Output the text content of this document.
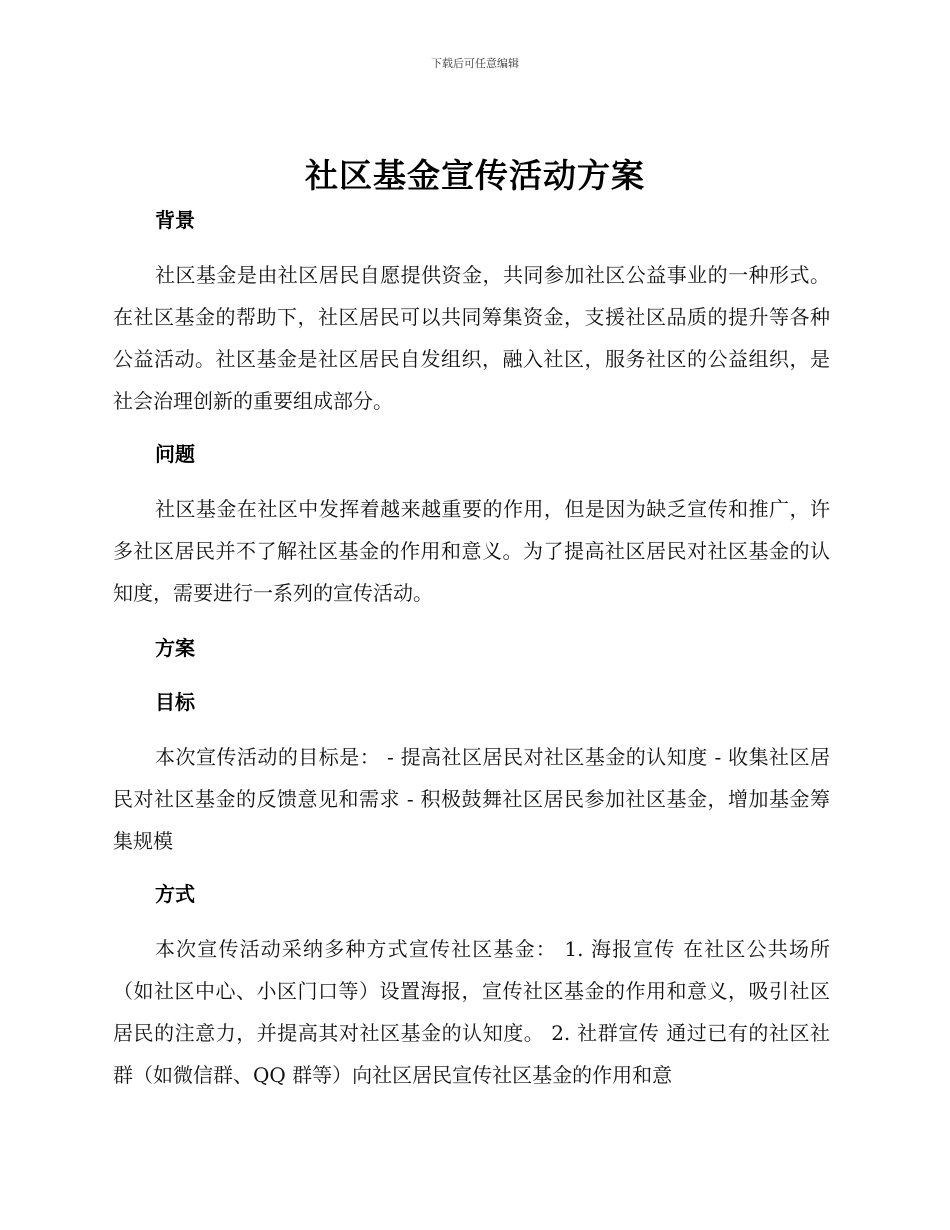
下载后可任意编辑
社区基金宣传活动方案

背景

社区基金是由社区居民自愿提供资金，共同参加社区公益事业的一种形式。在社区基金的帮助下，社区居民可以共同筹集资金，支援社区品质的提升等各种公益活动。社区基金是社区居民自发组织，融入社区，服务社区的公益组织，是社会治理创新的重要组成部分。

问题

社区基金在社区中发挥着越来越重要的作用，但是因为缺乏宣传和推广，许多社区居民并不了解社区基金的作用和意义。为了提高社区居民对社区基金的认知度，需要进行一系列的宣传活动。

方案

目标

本次宣传活动的目标是： - 提高社区居民对社区基金的认知度 - 收集社区居民对社区基金的反馈意见和需求 - 积极鼓舞社区居民参加社区基金，增加基金筹集规模

方式

本次宣传活动采纳多种方式宣传社区基金： 1. 海报宣传 在社区公共场所（如社区中心、小区门口等）设置海报，宣传社区基金的作用和意义，吸引社区居民的注意力，并提高其对社区基金的认知度。 2. 社群宣传 通过已有的社区社群（如微信群、QQ 群等）向社区居民宣传社区基金的作用和意
